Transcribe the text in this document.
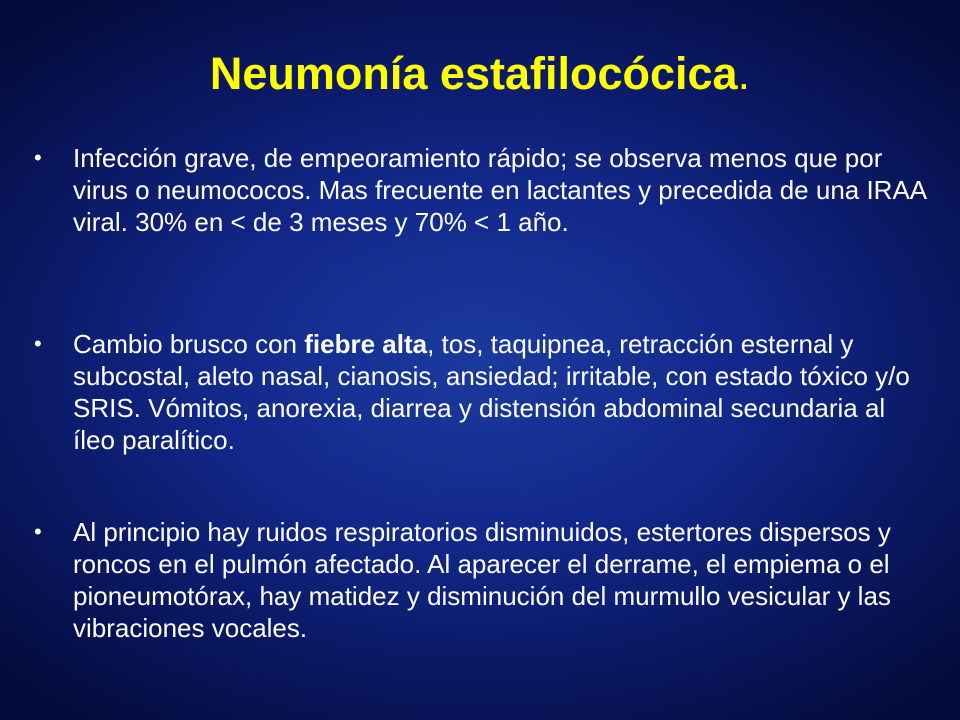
Neumonía estafilocócica.
•	Infección grave, de empeoramiento rápido; se observa menos que por virus o neumococos. Mas frecuente en lactantes y precedida de una IRAA viral. 30% en < de 3 meses y 70% < 1 año.
•	Cambio brusco con fiebre alta, tos, taquipnea, retracción esternal y subcostal, aleto nasal, cianosis, ansiedad; irritable, con estado tóxico y/o SRIS. Vómitos, anorexia, diarrea y distensión abdominal secundaria al íleo paralítico.
•	Al principio hay ruidos respiratorios disminuidos, estertores dispersos y roncos en el pulmón afectado. Al aparecer el derrame, el empiema o el pioneumotórax, hay matidez y disminución del murmullo vesicular y las vibraciones vocales.
